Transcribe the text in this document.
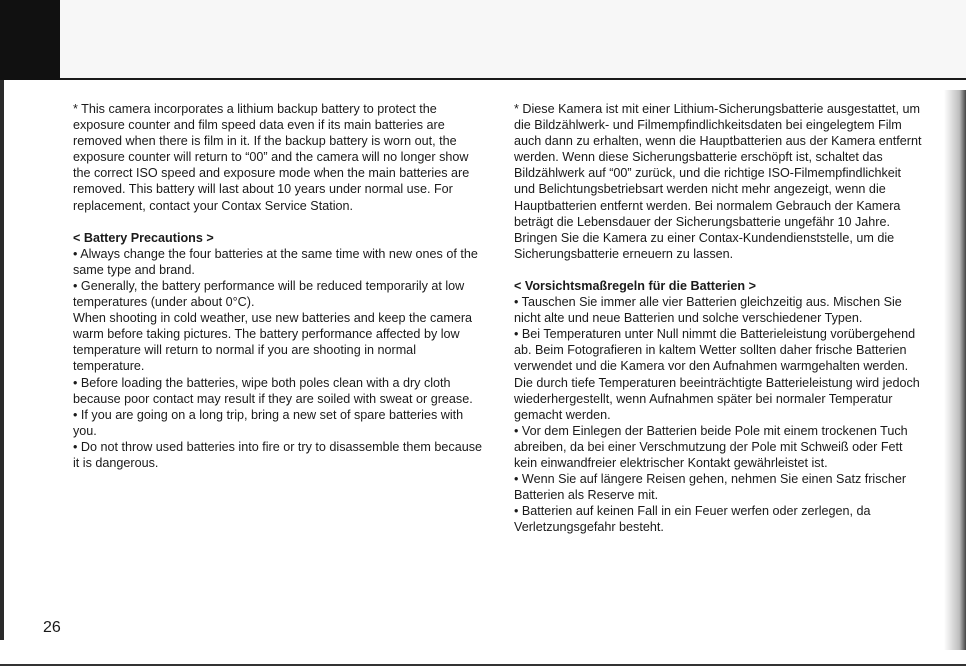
* This camera incorporates a lithium backup battery to protect the exposure counter and film speed data even if its main batteries are removed when there is film in it. If the backup battery is worn out, the exposure counter will return to “00” and the camera will no longer show the correct ISO speed and exposure mode when the main batteries are removed. This battery will last about 10 years under normal use. For replacement, contact your Contax Service Station.

< Battery Precautions >

• Always change the four batteries at the same time with new ones of the same type and brand.

• Generally, the battery performance will be reduced temporarily at low temperatures (under about 0°C).

When shooting in cold weather, use new batteries and keep the camera warm before taking pictures. The battery performance affected by low temperature will return to normal if you are shooting in normal temperature.

• Before loading the batteries, wipe both poles clean with a dry cloth because poor contact may result if they are soiled with sweat or grease.

• If you are going on a long trip, bring a new set of spare batteries with you.

• Do not throw used batteries into fire or try to disassemble them because it is dangerous.

* Diese Kamera ist mit einer Lithium-Sicherungsbatterie ausgestattet, um die Bildzählwerk- und Filmempfindlichkeitsdaten bei eingelegtem Film auch dann zu erhalten, wenn die Hauptbatterien aus der Kamera entfernt werden. Wenn diese Sicherungsbatterie erschöpft ist, schaltet das Bildzählwerk auf “00” zurück, und die richtige ISO-Filmempfindlichkeit und Belichtungsbetriebsart werden nicht mehr angezeigt, wenn die Hauptbatterien entfernt werden. Bei normalem Gebrauch der Kamera beträgt die Lebensdauer der Sicherungsbatterie ungefähr 10 Jahre. Bringen Sie die Kamera zu einer Contax-Kundendienststelle, um die Sicherungsbatterie erneuern zu lassen.

< Vorsichtsmaßregeln für die Batterien >

• Tauschen Sie immer alle vier Batterien gleichzeitig aus. Mischen Sie nicht alte und neue Batterien und solche verschiedener Typen.

• Bei Temperaturen unter Null nimmt die Batterieleistung vorübergehend ab. Beim Fotografieren in kaltem Wetter sollten daher frische Batterien verwendet und die Kamera vor den Aufnahmen warmgehalten werden. Die durch tiefe Temperaturen beeinträchtigte Batterieleistung wird jedoch wiederhergestellt, wenn Aufnahmen später bei normaler Temperatur gemacht werden.

• Vor dem Einlegen der Batterien beide Pole mit einem trockenen Tuch abreiben, da bei einer Verschmutzung der Pole mit Schweiß oder Fett kein einwandfreier elektrischer Kontakt gewährleistet ist.

• Wenn Sie auf längere Reisen gehen, nehmen Sie einen Satz frischer Batterien als Reserve mit.

• Batterien auf keinen Fall in ein Feuer werfen oder zerlegen, da Verletzungsgefahr besteht.

26
